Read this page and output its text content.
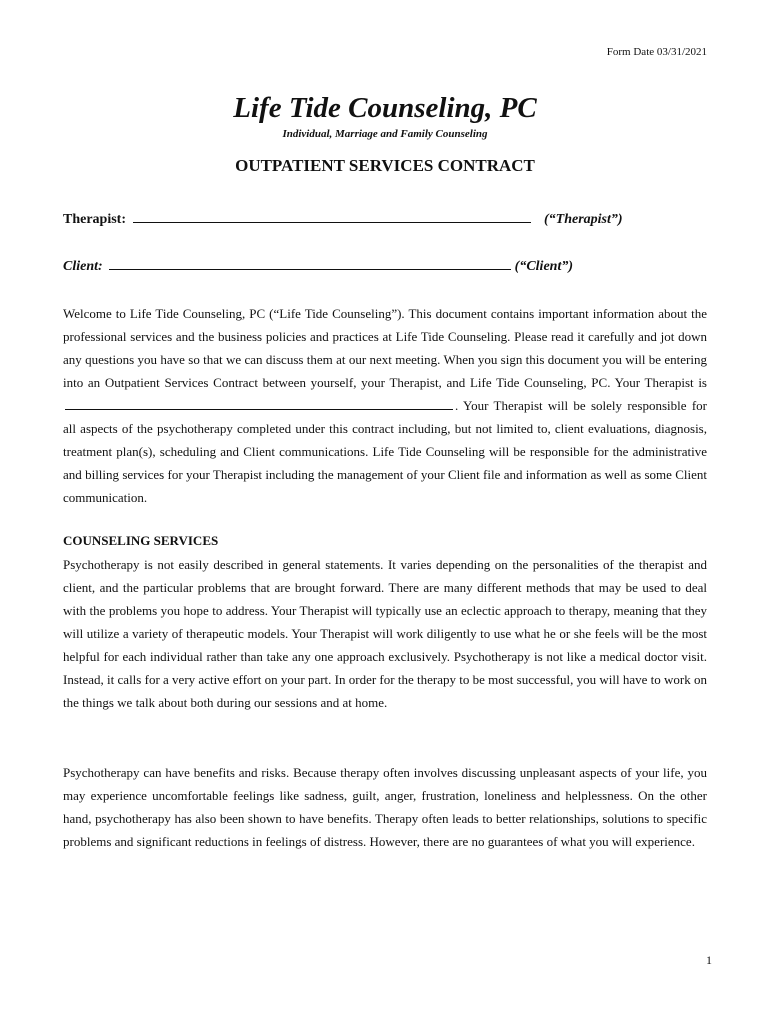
Form Date 03/31/2021
Life Tide Counseling, PC
Individual, Marriage and Family Counseling
OUTPATIENT SERVICES CONTRACT
Therapist:	(“Therapist”)
Client:	(“Client”)

Welcome to Life Tide Counseling, PC (“Life Tide Counseling”). This document contains important information about the professional services and the business policies and practices at Life Tide Counseling. Please read it carefully and jot down any questions you have so that we can discuss them at our next meeting. When you sign this document you will be entering into an Outpatient Services Contract between yourself, your Therapist, and Life Tide Counseling, PC. Your Therapist is . Your Therapist will be solely responsible for all aspects of the psychotherapy completed under this contract including, but not limited to, client evaluations, diagnosis, treatment plan(s), scheduling and Client communications. Life Tide Counseling will be responsible for the administrative and billing services for your Therapist including the management of your Client file and information as well as some Client communication.

COUNSELING SERVICES

Psychotherapy is not easily described in general statements. It varies depending on the personalities of the therapist and client, and the particular problems that are brought forward. There are many different methods that may be used to deal with the problems you hope to address. Your Therapist will typically use an eclectic approach to therapy, meaning that they will utilize a variety of therapeutic models. Your Therapist will work diligently to use what he or she feels will be the most helpful for each individual rather than take any one approach exclusively. Psychotherapy is not like a medical doctor visit. Instead, it calls for a very active effort on your part. In order for the therapy to be most successful, you will have to work on the things we talk about both during our sessions and at home.

Psychotherapy can have benefits and risks. Because therapy often involves discussing unpleasant aspects of your life, you may experience uncomfortable feelings like sadness, guilt, anger, frustration, loneliness and helplessness. On the other hand, psychotherapy has also been shown to have benefits. Therapy often leads to better relationships, solutions to specific problems and significant reductions in feelings of distress. However, there are no guarantees of what you will experience.

1
